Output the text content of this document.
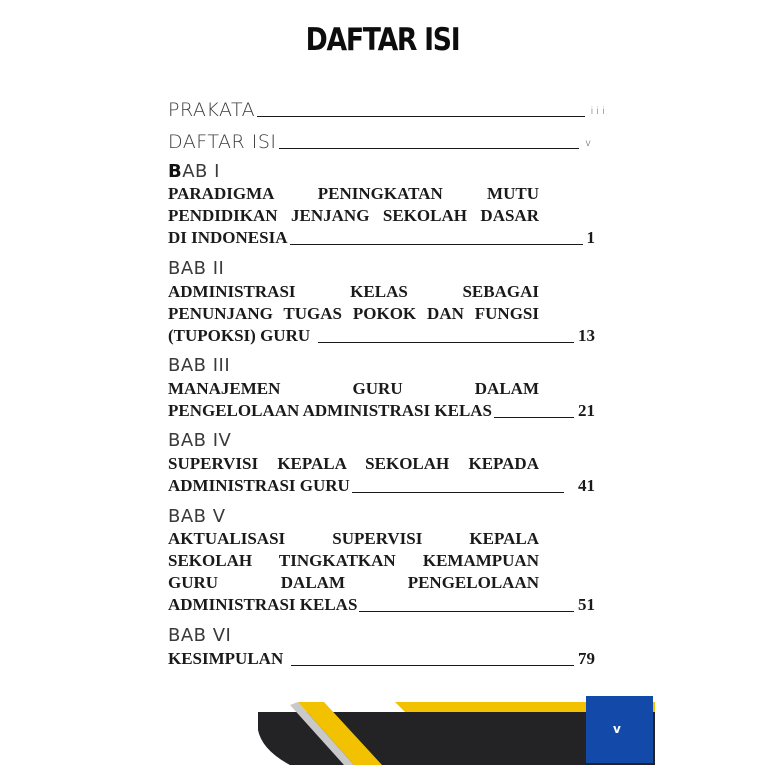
DAFTAR ISI
PRAKATA	iii
DAFTAR ISI	v
BAB I
PARADIGMA PENINGKATAN MUTU
PENDIDIKAN JENJANG SEKOLAH DASAR
DI INDONESIA	1
BAB II
ADMINISTRASI KELAS SEBAGAI
PENUNJANG TUGAS POKOK DAN FUNGSI
(TUPOKSI) GURU	13
BAB III
MANAJEMEN GURU DALAM
PENGELOLAAN ADMINISTRASI KELAS	21
BAB IV
SUPERVISI KEPALA SEKOLAH KEPADA
ADMINISTRASI GURU	41
BAB V
AKTUALISASI SUPERVISI KEPALA
SEKOLAH TINGKATKAN KEMAMPUAN
GURU DALAM PENGELOLAAN
ADMINISTRASI KELAS	51
BAB VI
KESIMPULAN	79
v
